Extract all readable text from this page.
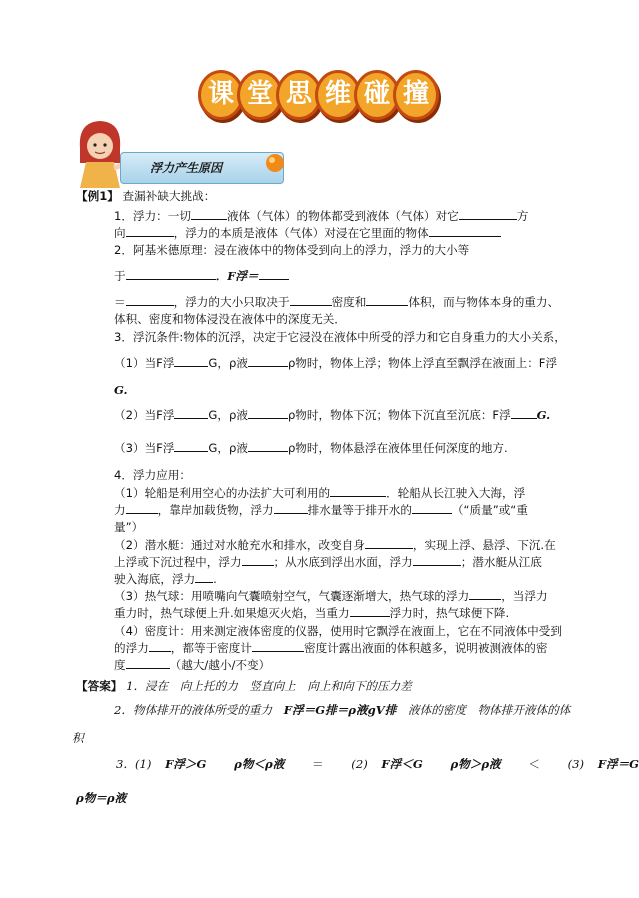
课 堂 思 维 碰 撞
浮力产生原因
【例1】 查漏补缺大挑战：
1．浮力：一切	液体（气体）的物体都受到液体（气体）对它	方
向	，浮力的本质是液体（气体）对浸在它里面的物体
2．阿基米德原理：浸在液体中的物体受到向上的浮力，浮力的大小等
于	．F浮＝
＝	，浮力的大小只取决于	密度和	体积，而与物体本身的重力、
体积、密度和物体浸没在液体中的深度无关．
3．浮沉条件:物体的沉浮，决定于它浸没在液体中所受的浮力和它自身重力的大小关系，
（1）当F浮	G，ρ液	ρ物时，物体上浮；物体上浮直至飘浮在液面上：F浮
G.
（2）当F浮	G，ρ液	ρ物时，物体下沉；物体下沉直至沉底：F浮 G.
（3）当F浮	G，ρ液	ρ物时，物体悬浮在液体里任何深度的地方.
4．浮力应用：
（1）轮船是利用空心的办法扩大可利用的	．轮船从长江驶入大海，浮
力	，靠岸加载货物，浮力	排水量等于排开水的	（“质量”或“重
量”）
（2）潜水艇：通过对水舱充水和排水，改变自身	，实现上浮、悬浮、下沉.在
上浮或下沉过程中，浮力	；从水底到浮出水面，浮力	；潜水艇从江底
驶入海底，浮力 .
（3）热气球：用喷嘴向气囊喷射空气，气囊逐渐增大，热气球的浮力	，当浮力
重力时，热气球便上升.如果熄灭火焰，当重力	浮力时，热气球便下降.
（4）密度计：用来测定液体密度的仪器，使用时它飘浮在液面上，它在不同液体中受到
的浮力 ，都等于密度计	密度计露出液面的体积越多，说明被测液体的密
度	（越大/越小/不变）
【答案】 1．浸在　向上托的力　竖直向上　向上和向下的压力差
2．物体排开的液体所受的重力 F浮＝G排＝ρ液gV排 液体的密度　物体排开液体的体
积
3．(1) F浮＞G ρ物＜ρ液 ＝ (2) F浮＜G ρ物＞ρ液 ＜ (3) F浮＝G
ρ物＝ρ液
